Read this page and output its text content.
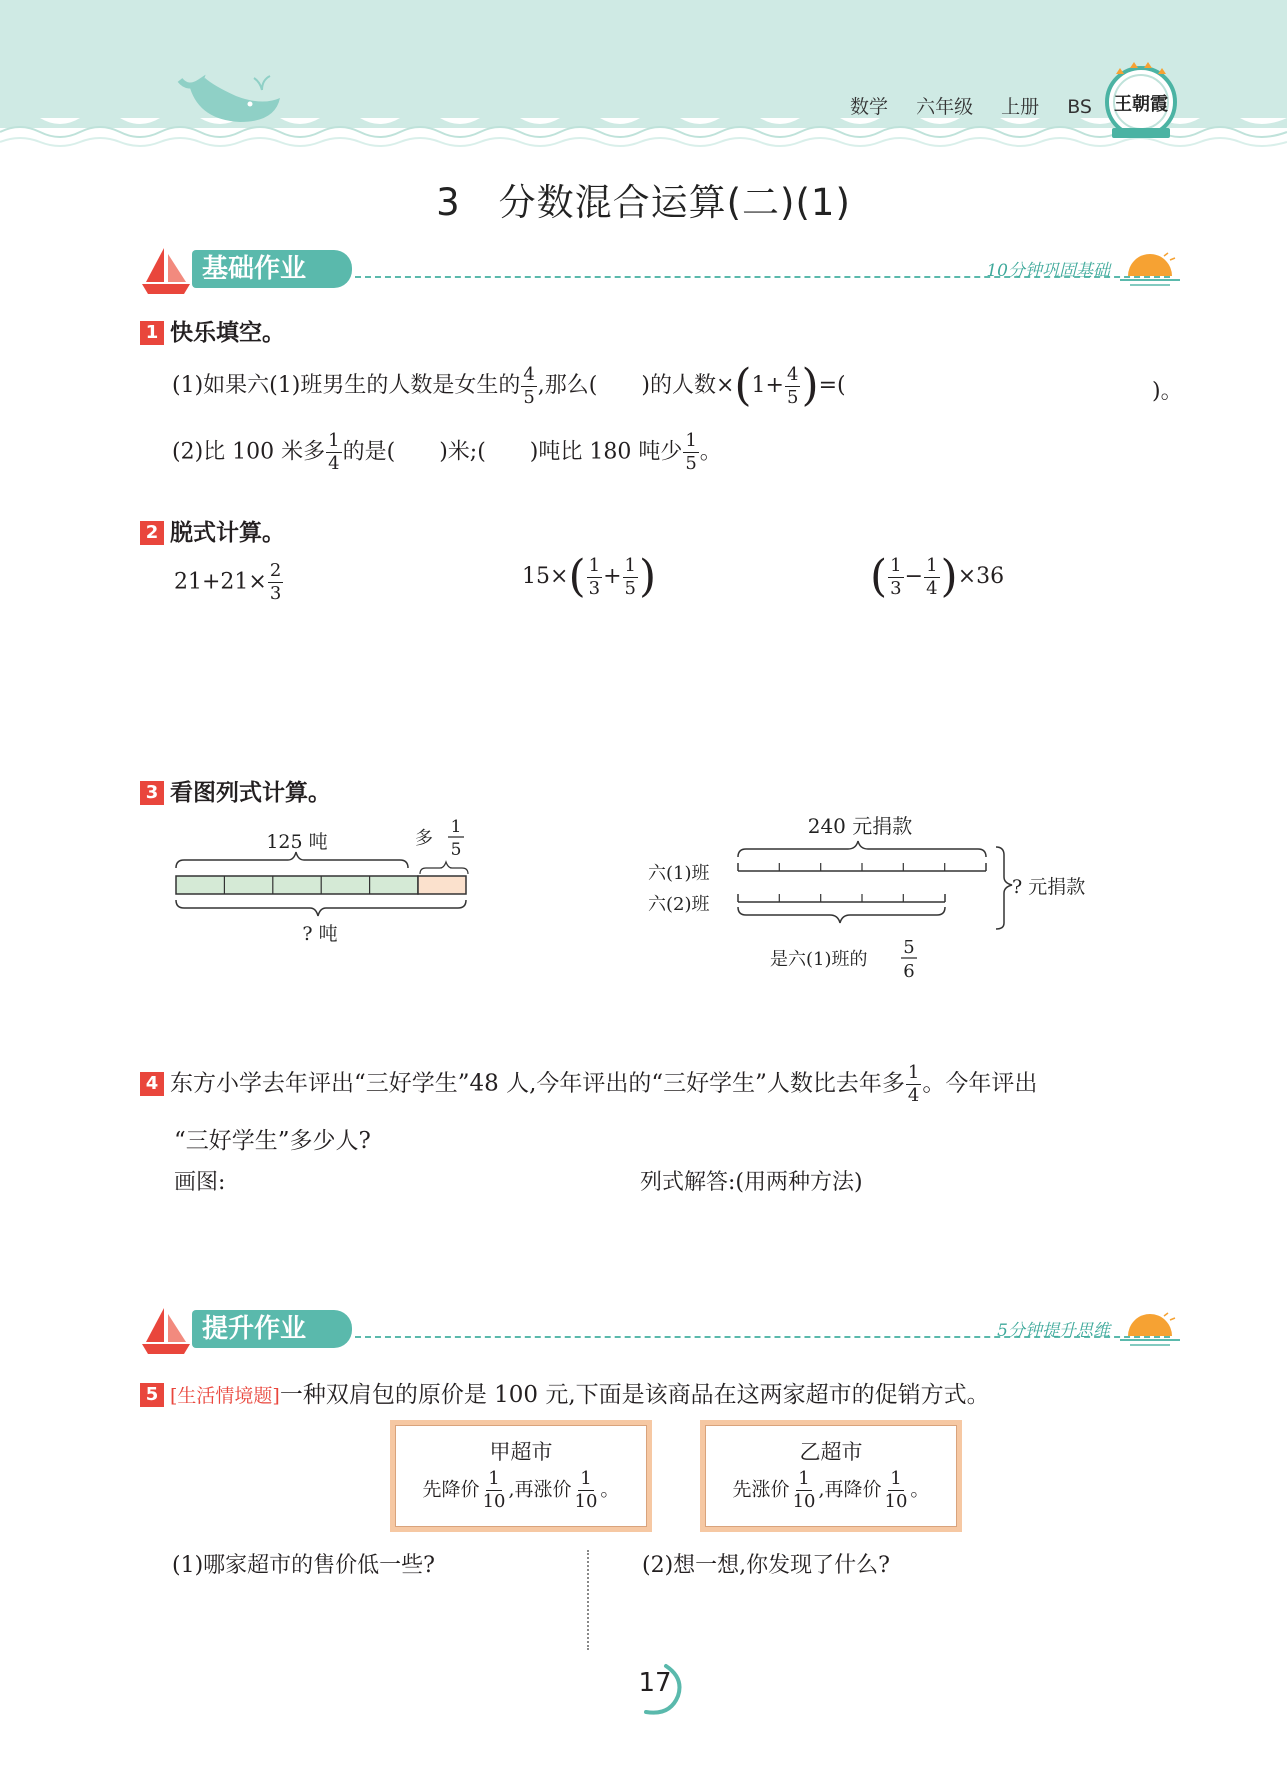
数学 六年级 上册 BS	王朝霞
3　分数混合运算(二)(1)
基础作业	10分钟巩固基础
1 快乐填空。
(1)如果六(1)班男生的人数是女生的 $\frac{4}{5}$ ,那么(　　)的人数$\times(1+ \frac{4}{5}$ )=(	)。
(2)比 100 米多 $\frac{1}{4}$ 的是(　　)米;(　　)吨比 180 吨少 $\frac{1}{5}$ 。
2 脱式计算。
$21+21\times \frac{2}{3}$	$15\times( \frac{1}{3} + \frac{1}{5}$ )	( $\frac{1}{3} - \frac{1}{4} )\times 36$
3 看图列式计算。
125 吨	多
1
5
? 吨
240 元捐款
六(1)班
六(2)班
? 元捐款
是六(1)班的
5
6
4 东方小学去年评出“三好学生”48 人,今年评出的“三好学生”人数比去年多 $\frac{1}{4}$ 。今年评出
“三好学生”多少人?
画图:	列式解答:(用两种方法)
提升作业	5分钟提升思维
5 [生活情境题]一种双肩包的原价是 100 元,下面是该商品在这两家超市的促销方式。
甲超市
先降价 $\frac{1}{10}$ ,再涨价 $\frac{1}{10}$ 。
乙超市
先涨价 $\frac{1}{10}$ ,再降价 $\frac{1}{10}$ 。
(1)哪家超市的售价低一些?	(2)想一想,你发现了什么?
17
